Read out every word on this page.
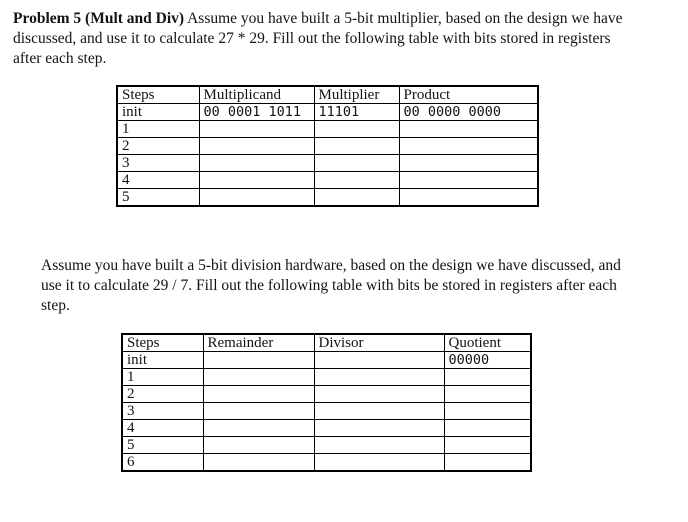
Problem 5 (Mult and Div) Assume you have built a 5-bit multiplier, based on the design we have
discussed, and use it to calculate 27 * 29. Fill out the following table with bits stored in registers
after each step.
Steps	Multiplicand	Multiplier	Product
init	00 0001 1011	11101	00 0000 0000
1			
2			
3			
4			
5			
Assume you have built a 5-bit division hardware, based on the design we have discussed, and
use it to calculate 29 / 7. Fill out the following table with bits be stored in registers after each
step.
Steps	Remainder	Divisor	Quotient
init			00000
1			
2			
3			
4			
5			
6			
